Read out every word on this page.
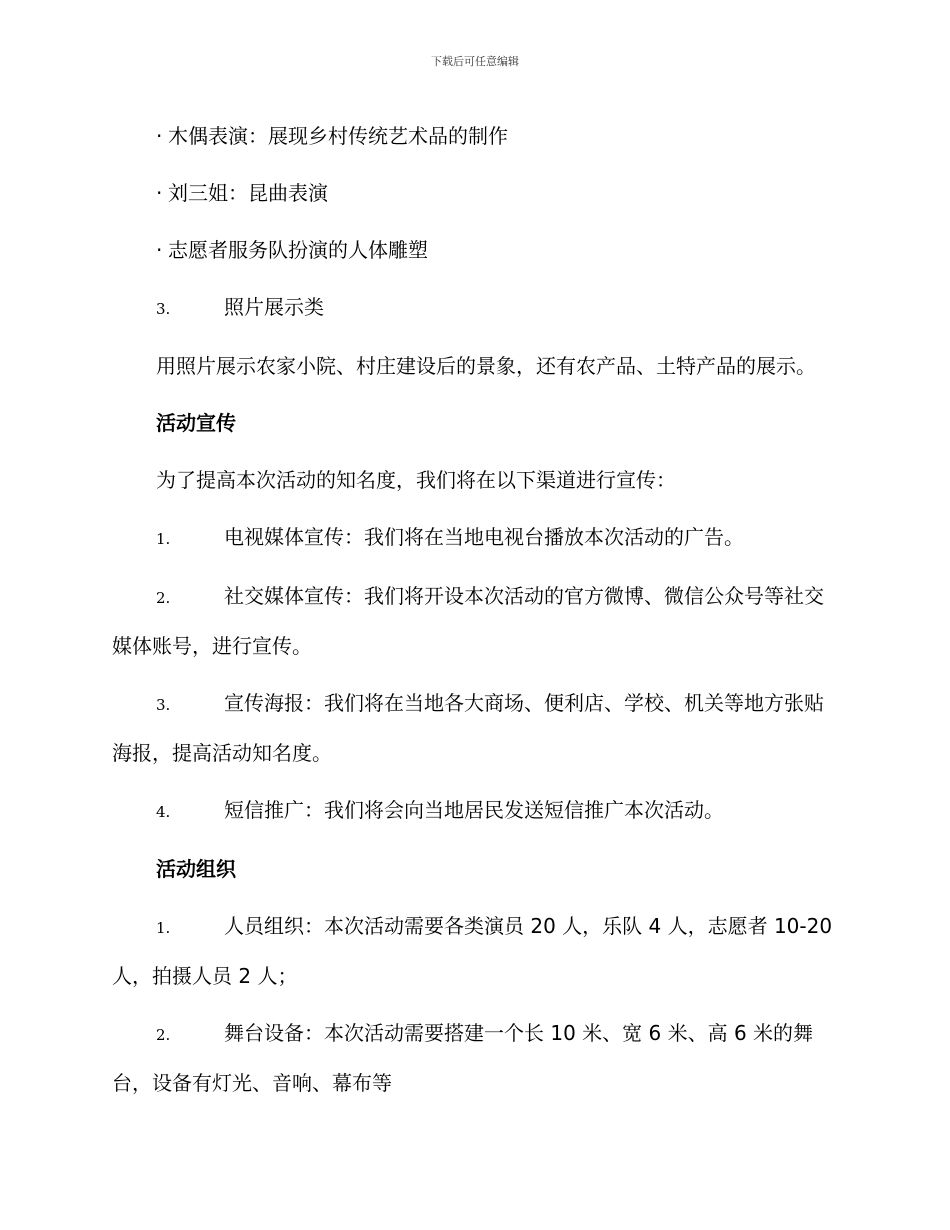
下载后可任意编辑
· 木偶表演：展现乡村传统艺术品的制作
· 刘三姐：昆曲表演
· 志愿者服务队扮演的人体雕塑
3.	照片展示类
用照片展示农家小院、村庄建设后的景象，还有农产品、土特产品的展示。
活动宣传
为了提高本次活动的知名度，我们将在以下渠道进行宣传：
1.	电视媒体宣传：我们将在当地电视台播放本次活动的广告。
2.	社交媒体宣传：我们将开设本次活动的官方微博、微信公众号等社交媒体账号，进行宣传。
3.	宣传海报：我们将在当地各大商场、便利店、学校、机关等地方张贴海报，提高活动知名度。
4.	短信推广：我们将会向当地居民发送短信推广本次活动。
活动组织
1.	人员组织：本次活动需要各类演员 20 人，乐队 4 人，志愿者 10-20 人，拍摄人员 2 人；
2.	舞台设备：本次活动需要搭建一个长 10 米、宽 6 米、高 6 米的舞台，设备有灯光、音响、幕布等
